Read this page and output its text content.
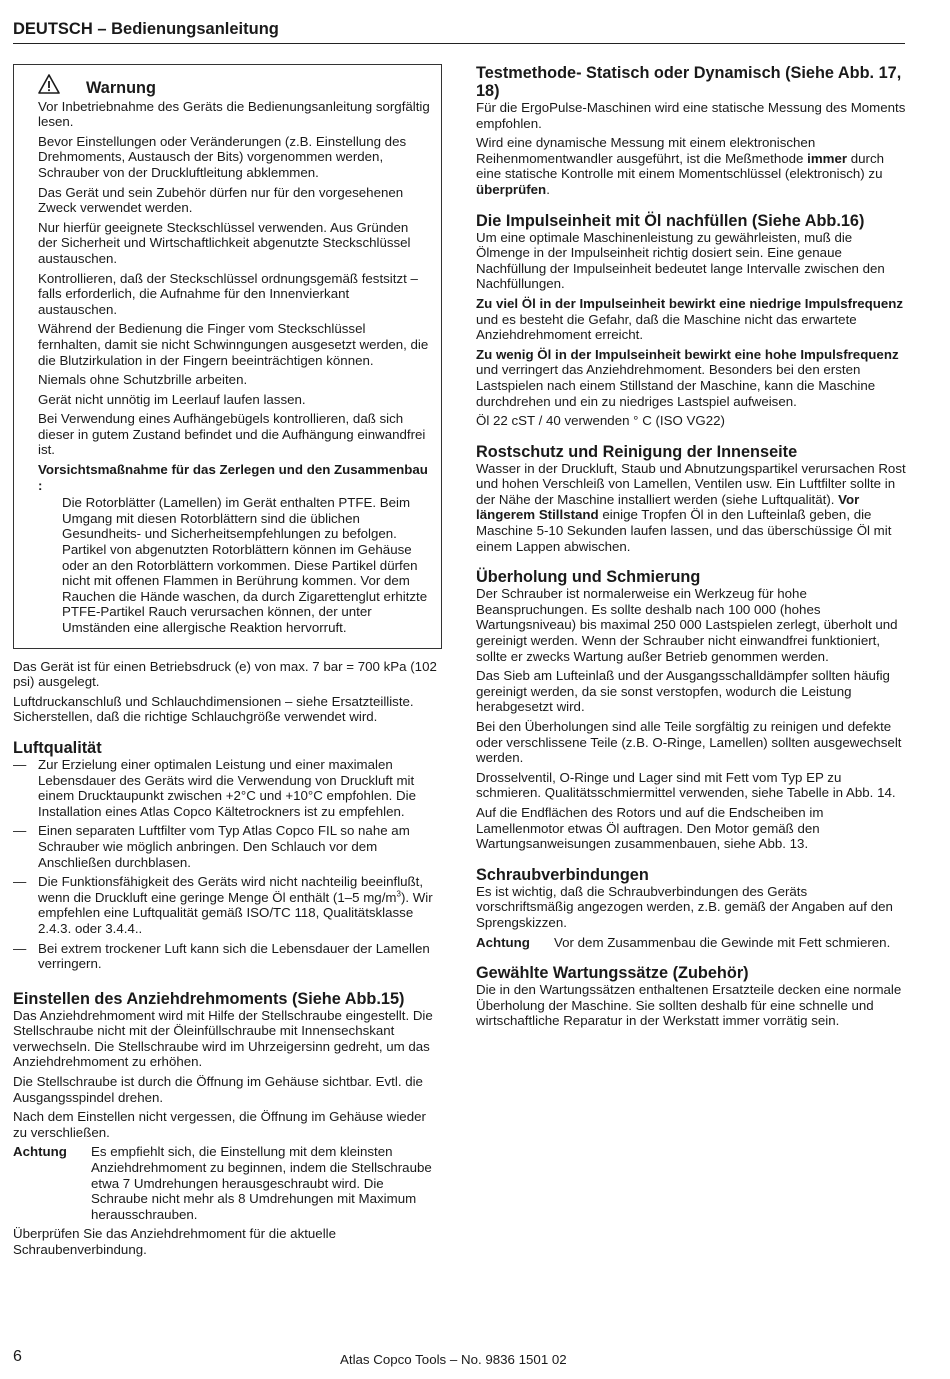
DEUTSCH – Bedienungsanleitung
Warnung

Vor Inbetriebnahme des Geräts die Bedienungsanleitung sorgfältig lesen.

Bevor Einstellungen oder Veränderungen (z.B. Einstellung des Drehmoments, Austausch der Bits) vorgenommen werden, Schrauber von der Druckluftleitung abklemmen.

Das Gerät und sein Zubehör dürfen nur für den vorgesehenen Zweck verwendet werden.

Nur hierfür geeignete Steckschlüssel verwenden. Aus Gründen der Sicherheit und Wirtschaftlichkeit abgenutzte Steckschlüssel austauschen.

Kontrollieren, daß der Steckschlüssel ordnungsgemäß festsitzt – falls erforderlich, die Aufnahme für den Innenvierkant austauschen.

Während der Bedienung die Finger vom Steckschlüssel fernhalten, damit sie nicht Schwinngungen ausgesetzt werden, die die Blutzirkulation in der Fingern beeinträchtigen können.

Niemals ohne Schutzbrille arbeiten.

Gerät nicht unnötig im Leerlauf laufen lassen.

Bei Verwendung eines Aufhängebügels kontrollieren, daß sich dieser in gutem Zustand befindet und die Aufhängung einwandfrei ist.

Vorsichtsmaßnahme für das Zerlegen und den Zusammenbau :

Die Rotorblätter (Lamellen) im Gerät enthalten PTFE. Beim Umgang mit diesen Rotorblättern sind die üblichen Gesundheits- und Sicherheitsempfehlungen zu befolgen. Partikel von abgenutzten Rotorblättern können im Gehäuse oder an den Rotorblättern vorkommen. Diese Partikel dürfen nicht mit offenen Flammen in Berührung kommen. Vor dem Rauchen die Hände waschen, da durch Zigarettenglut erhitzte PTFE-Partikel Rauch verursachen können, der unter Umständen eine allergische Reaktion hervorruft.

Das Gerät ist für einen Betriebsdruck (e) von max. 7 bar = 700 kPa (102 psi) ausgelegt.

Luftdruckanschluß und Schlauchdimensionen – siehe Ersatzteilliste. Sicherstellen, daß die richtige Schlauchgröße verwendet wird.

Luftqualität
— Zur Erzielung einer optimalen Leistung und einer maximalen Lebensdauer des Geräts wird die Verwendung von Druckluft mit einem Drucktaupunkt zwischen +2°C und +10°C empfohlen. Die Installation eines Atlas Copco Kältetrockners ist zu empfehlen.
— Einen separaten Luftfilter vom Typ Atlas Copco FIL so nahe am Schrauber wie möglich anbringen. Den Schlauch vor dem Anschließen durchblasen.
— Die Funktionsfähigkeit des Geräts wird nicht nachteilig beeinflußt, wenn die Druckluft eine geringe Menge Öl enthält (1–5 $mg/m^3$). Wir empfehlen eine Luftqualität gemäß ISO/TC 118, Qualitätsklasse 2.4.3. oder 3.4.4..
— Bei extrem trockener Luft kann sich die Lebensdauer der Lamellen verringern.
Einstellen des Anziehdrehmoments (Siehe Abb.15)

Das Anziehdrehmoment wird mit Hilfe der Stellschraube eingestellt. Die Stellschraube nicht mit der Öleinfüllschraube mit Innensechskant verwechseln. Die Stellschraube wird im Uhrzeigersinn gedreht, um das Anziehdrehmoment zu erhöhen.

Die Stellschraube ist durch die Öffnung im Gehäuse sichtbar. Evtl. die Ausgangsspindel drehen.

Nach dem Einstellen nicht vergessen, die Öffnung im Gehäuse wieder zu verschließen.

Achtung	Es empfiehlt sich, die Einstellung mit dem kleinsten Anziehdrehmoment zu beginnen, indem die Stellschraube etwa 7 Umdrehungen herausgeschraubt wird. Die Schraube nicht mehr als 8 Umdrehungen mit Maximum herausschrauben.

Überprüfen Sie das Anziehdrehmoment für die aktuelle Schraubenverbindung.

Testmethode- Statisch oder Dynamisch (Siehe Abb. 17, 18)

Für die ErgoPulse-Maschinen wird eine statische Messung des Moments empfohlen.

Wird eine dynamische Messung mit einem elektronischen Reihenmomentwandler ausgeführt, ist die Meßmethode immer durch eine statische Kontrolle mit einem Momentschlüssel (elektronisch) zu überprüfen.

Die Impulseinheit mit Öl nachfüllen (Siehe Abb.16)

Um eine optimale Maschinenleistung zu gewährleisten, muß die Ölmenge in der Impulseinheit richtig dosiert sein. Eine genaue Nachfüllung der Impulseinheit bedeutet lange Intervalle zwischen den Nachfüllungen.

Zu viel Öl in der Impulseinheit bewirkt eine niedrige Impulsfrequenz und es besteht die Gefahr, daß die Maschine nicht das erwartete Anziehdrehmoment erreicht.

Zu wenig Öl in der Impulseinheit bewirkt eine hohe Impulsfrequenz und verringert das Anziehdrehmoment. Besonders bei den ersten Lastspielen nach einem Stillstand der Maschine, kann die Maschine durchdrehen und ein zu niedriges Lastspiel aufweisen.

Öl 22 cST / 40 verwenden ° C (ISO VG22)

Rostschutz und Reinigung der Innenseite

Wasser in der Druckluft, Staub und Abnutzungspartikel verursachen Rost und hohen Verschleiß von Lamellen, Ventilen usw. Ein Luftfilter sollte in der Nähe der Maschine installiert werden (siehe Luftqualität). Vor längerem Stillstand einige Tropfen Öl in den Lufteinlaß geben, die Maschine 5-10 Sekunden laufen lassen, und das überschüssige Öl mit einem Lappen abwischen.

Überholung und Schmierung

Der Schrauber ist normalerweise ein Werkzeug für hohe Beanspruchungen. Es sollte deshalb nach 100 000 (hohes Wartungsniveau) bis maximal 250 000 Lastspielen zerlegt, überholt und gereinigt werden. Wenn der Schrauber nicht einwandfrei funktioniert, sollte er zwecks Wartung außer Betrieb genommen werden.

Das Sieb am Lufteinlaß und der Ausgangsschalldämpfer sollten häufig gereinigt werden, da sie sonst verstopfen, wodurch die Leistung herabgesetzt wird.

Bei den Überholungen sind alle Teile sorgfältig zu reinigen und defekte oder verschlissene Teile (z.B. O-Ringe, Lamellen) sollten ausgewechselt werden.

Drosselventil, O-Ringe und Lager sind mit Fett vom Typ EP zu schmieren. Qualitätsschmiermittel verwenden, siehe Tabelle in Abb. 14.

Auf die Endflächen des Rotors und auf die Endscheiben im Lamellenmotor etwas Öl auftragen. Den Motor gemäß den Wartungsanweisungen zusammenbauen, siehe Abb. 13.

Schraubverbindungen

Es ist wichtig, daß die Schraubverbindungen des Geräts vorschriftsmäßig angezogen werden, z.B. gemäß der Angaben auf den Sprengskizzen.

Achtung	Vor dem Zusammenbau die Gewinde mit Fett schmieren.
Gewählte Wartungssätze (Zubehör)

Die in den Wartungssätzen enthaltenen Ersatzteile decken eine normale Überholung der Maschine. Sie sollten deshalb für eine schnelle und wirtschaftliche Reparatur in der Werkstatt immer vorrätig sein.

6	Atlas Copco Tools – No. 9836 1501 02
